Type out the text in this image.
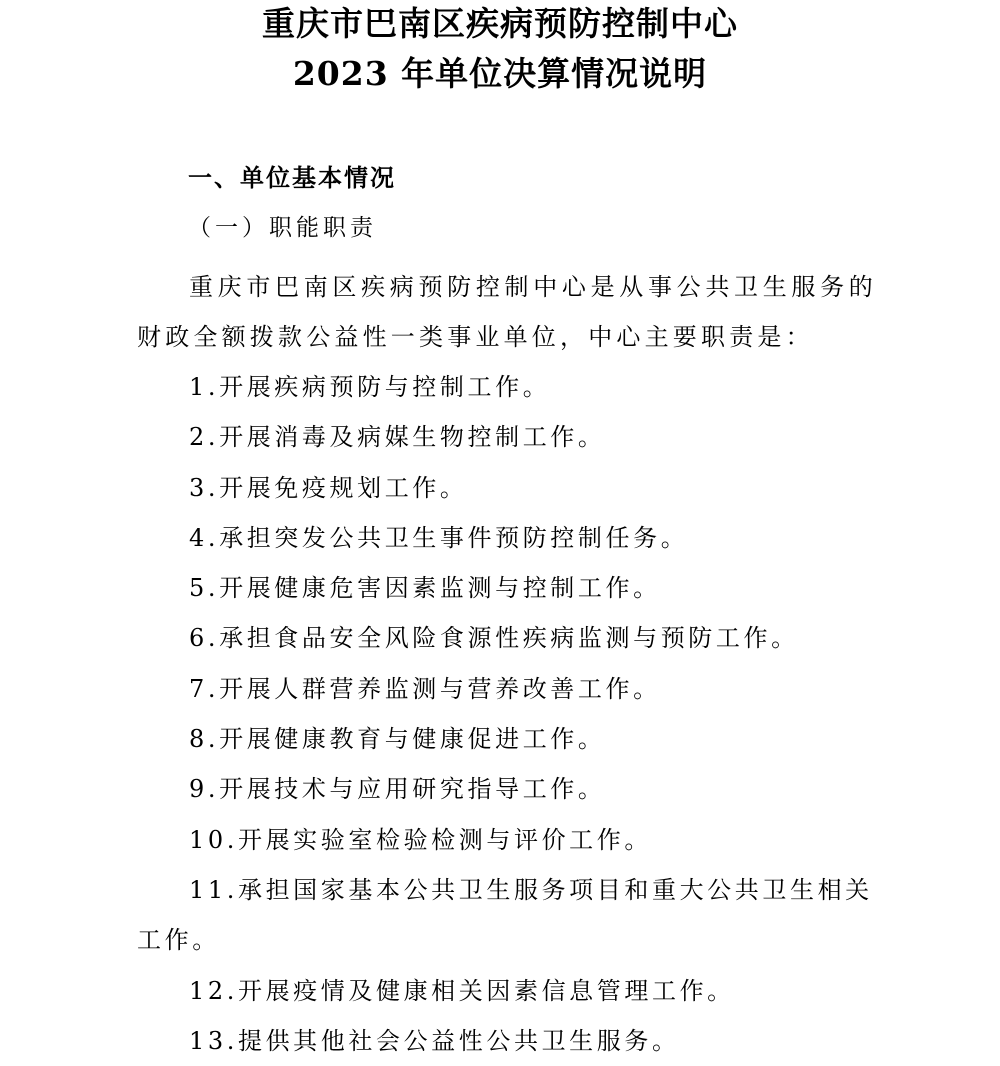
重庆市巴南区疾病预防控制中心
2023 年单位决算情况说明
一、单位基本情况
（一）职能职责

重庆市巴南区疾病预防控制中心是从事公共卫生服务的财政全额拨款公益性一类事业单位，中心主要职责是：

1.开展疾病预防与控制工作。
2.开展消毒及病媒生物控制工作。
3.开展免疫规划工作。
4.承担突发公共卫生事件预防控制任务。
5.开展健康危害因素监测与控制工作。
6.承担食品安全风险食源性疾病监测与预防工作。
7.开展人群营养监测与营养改善工作。
8.开展健康教育与健康促进工作。
9.开展技术与应用研究指导工作。
10.开展实验室检验检测与评价工作。
11.承担国家基本公共卫生服务项目和重大公共卫生相关工作。
12.开展疫情及健康相关因素信息管理工作。
13.提供其他社会公益性公共卫生服务。
